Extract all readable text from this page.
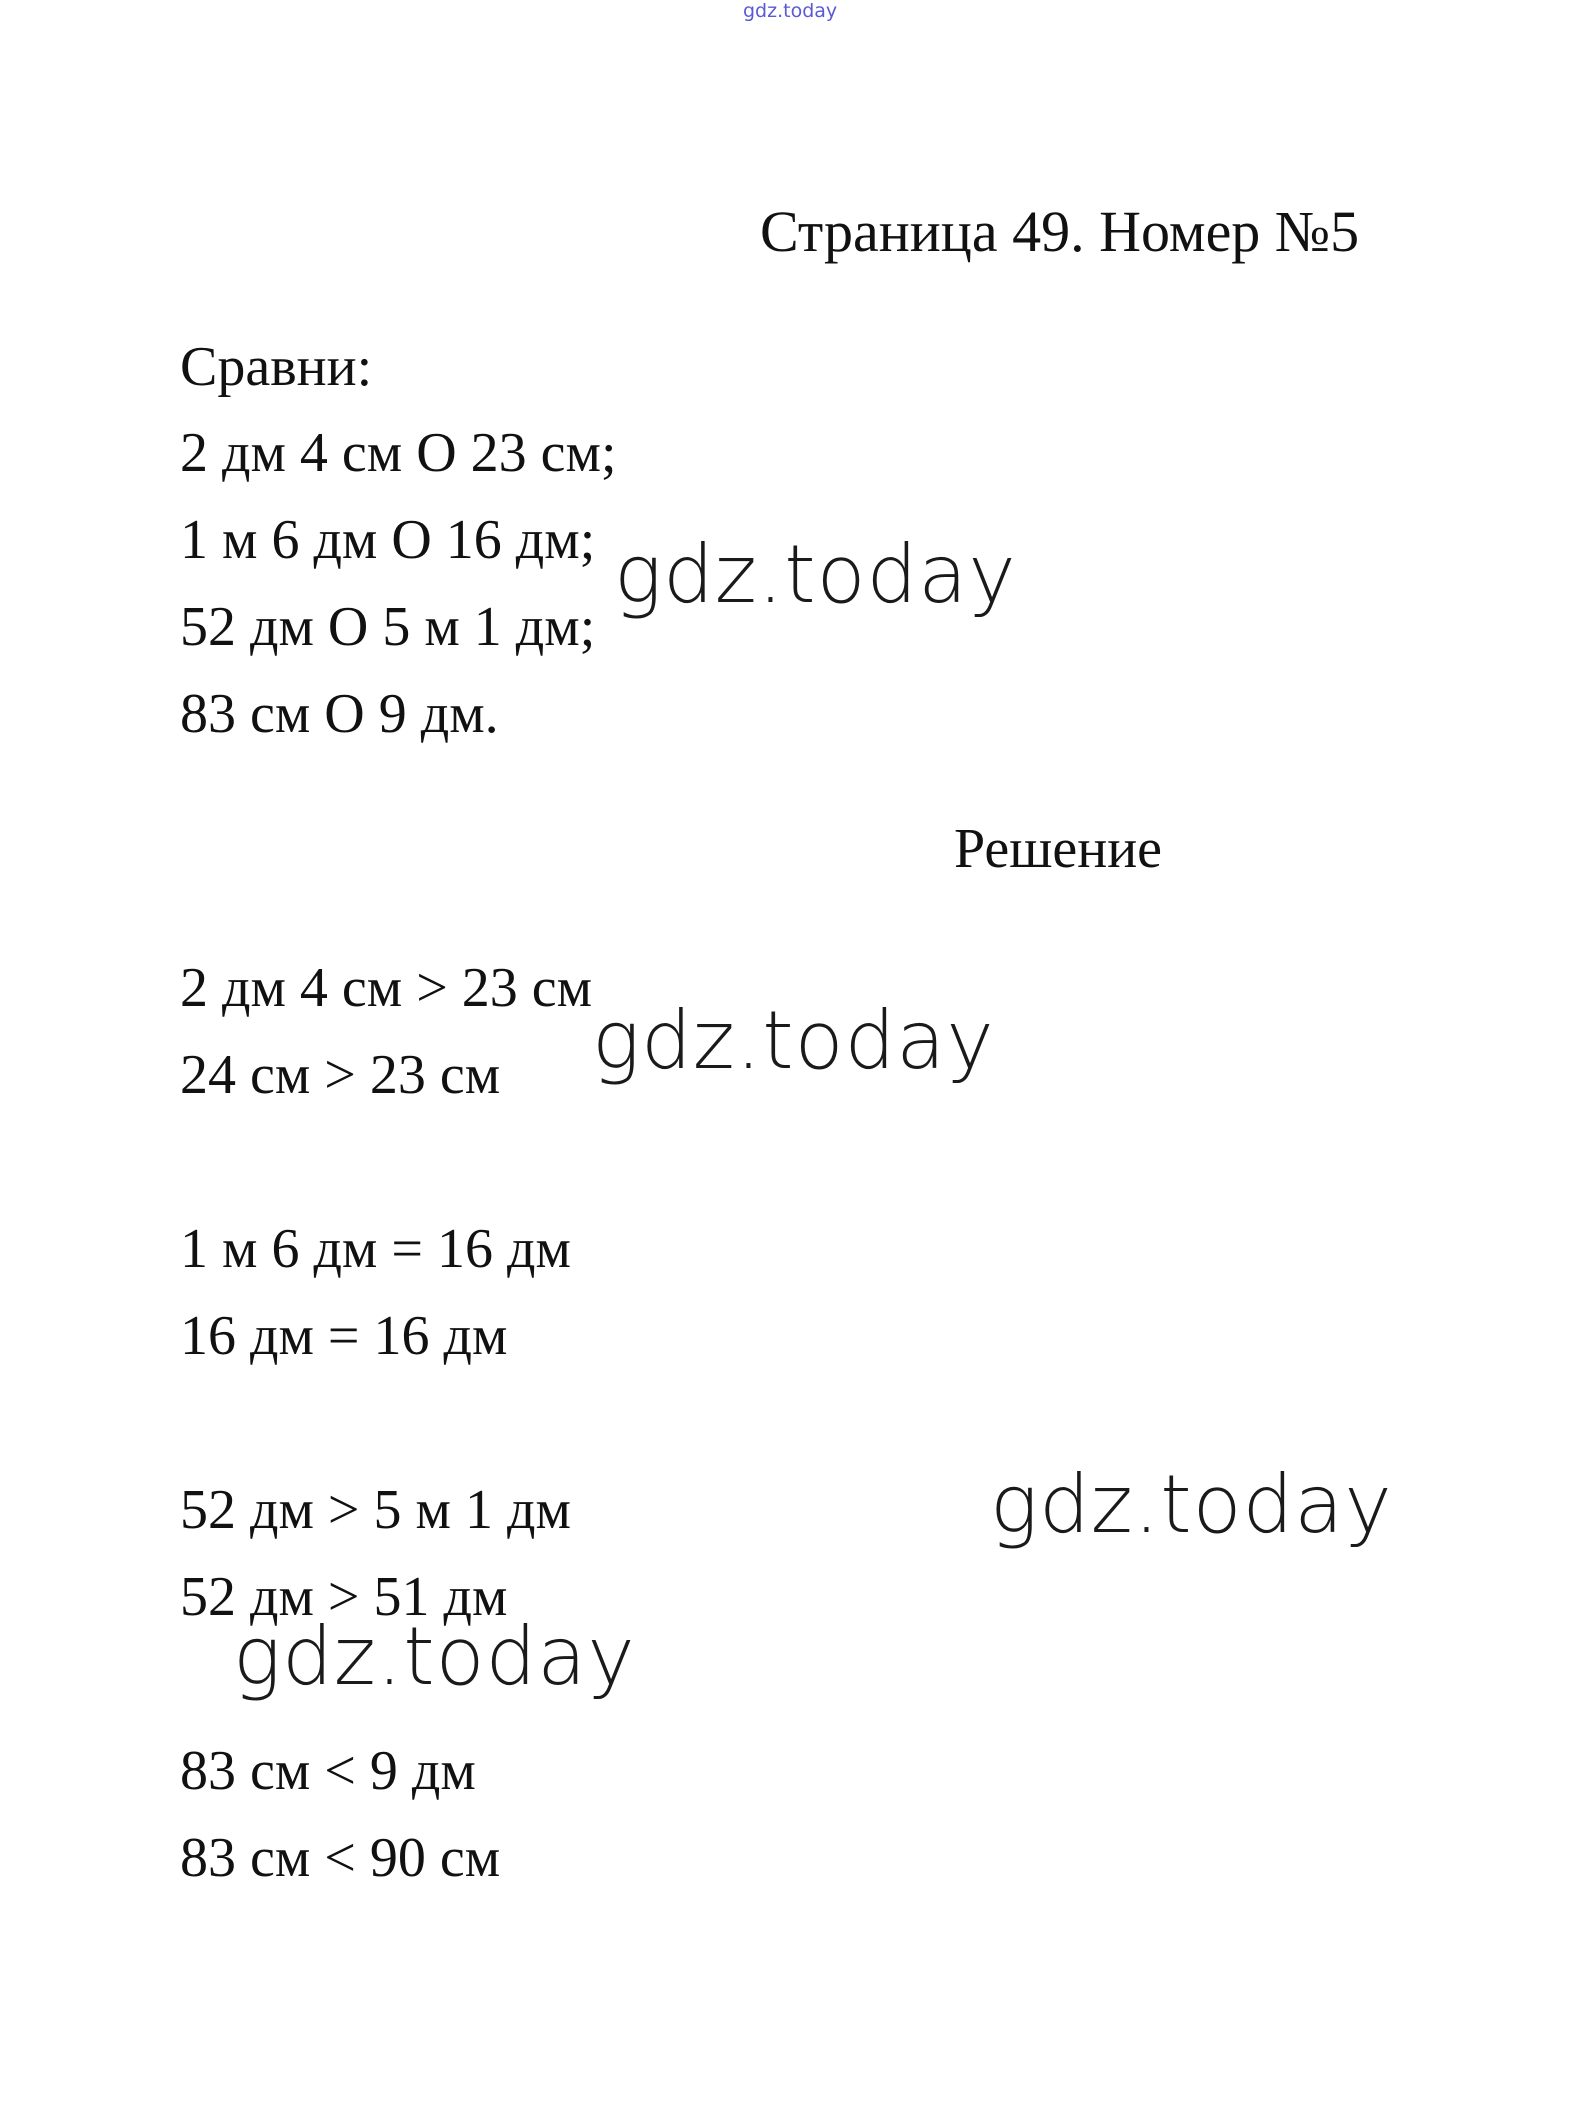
gdz.today
Страница 49. Номер №5
Сравни:
2 дм 4 см O 23 см;
1 м 6 дм O 16 дм;
52 дм O 5 м 1 дм;
83 см O 9 дм.
Решение
2 дм 4 см > 23 см
24 см > 23 см
1 м 6 дм = 16 дм
16 дм = 16 дм
52 дм > 5 м 1 дм
52 дм > 51 дм
83 см < 9 дм
83 см < 90 см
gdz.today
gdz.today
gdz.today
gdz.today
